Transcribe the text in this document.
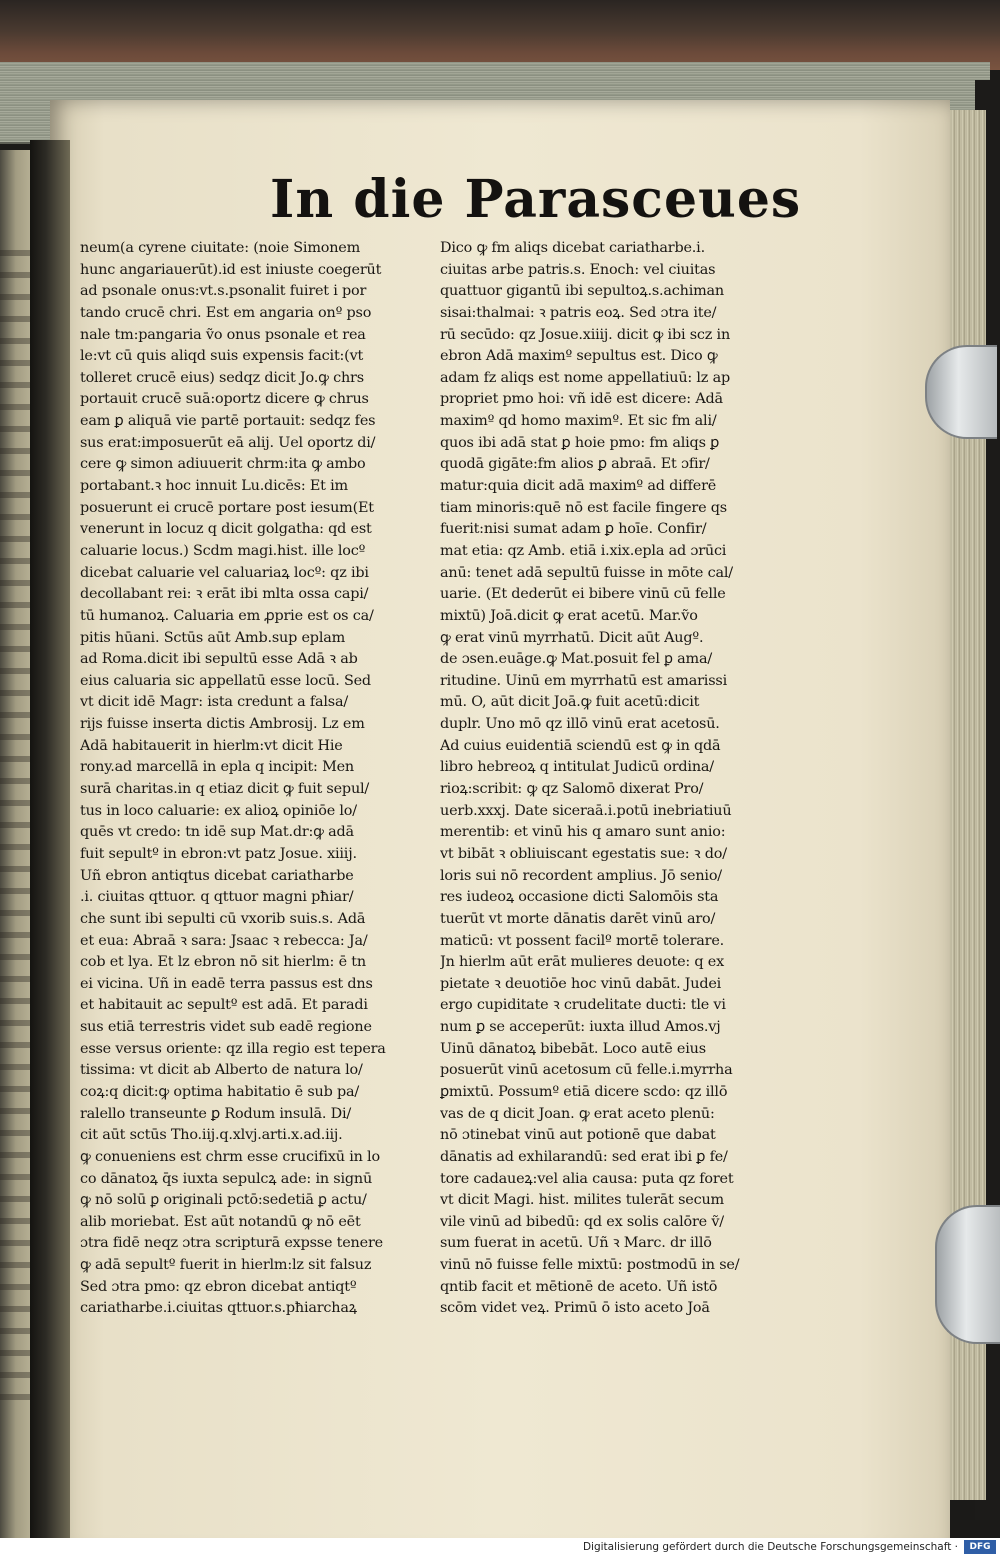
In die Parasceues
neum(a cyrene ciuitate: (noie Simonem
hunc angariauerūt).id est iniuste coegerūt
ad psonale onus:vt.s.psonalit fuiret i por
tando crucē chri. Est em angaria onº pso
nale tm:pangaria ṽo onus psonale et rea
le:vt cū quis aliqd suis expensis facit:(vt
tolleret crucē eius) sedqz dicit Jo.ꝙ chrs
portauit crucē suā:oportz dicere ꝙ chrus
eam ꝑ aliquā vie partē portauit: sedqz fes
sus erat:imposuerūt eā alij. Uel oportz di/
cere ꝙ simon adiuuerit chrm:ita ꝙ ambo
portabant.ꝛ hoc innuit Lu.dicēs: Et im
posuerunt ei crucē portare post iesum(Et
venerunt in locuz q dicit golgatha: qd est
caluarie locus.) Scdm magi.hist. ille locº
dicebat caluarie vel caluariaꝝ locº: qz ibi
decollabant rei: ꝛ erāt ibi mlta ossa capi/
tū humanoꝝ. Caluaria em ꝓprie est os ca/
pitis hūani. Sctūs aūt Amb.sup eplam
ad Roma.dicit ibi sepultū esse Adā ꝛ ab
eius caluaria sic appellatū esse locū. Sed
vt dicit idē Magr: ista credunt a falsa/
rijs fuisse inserta dictis Ambrosij. Lz em
Adā habitauerit in hierlm:vt dicit Hie
rony.ad marcellā in epla q incipit: Men
surā charitas.in q etiaz dicit ꝙ fuit sepul/
tus in loco caluarie: ex alioꝝ opiniōe lo/
quēs vt credo: tn idē sup Mat.dr:ꝙ adā
fuit sepultº in ebron:vt patz Josue. xiiij.
Uñ ebron antiqtus dicebat cariatharbe
.i. ciuitas qttuor. q qttuor magni pħiar/
che sunt ibi sepulti cū vxorib suis.s. Adā
et eua: Abraā ꝛ sara: Jsaac ꝛ rebecca: Ja/
cob et lya. Et lz ebron nō sit hierlm: ē tn
ei vicina. Uñ in eadē terra passus est dns
et habitauit ac sepultº est adā. Et paradi
sus etiā terrestris videt sub eadē regione
esse versus oriente: qz illa regio est tepera
tissima: vt dicit ab Alberto de natura lo/
coꝝ:q dicit:ꝙ optima habitatio ē sub pa/
ralello transeunte ꝑ Rodum insulā. Di/
cit aūt sctūs Tho.iij.q.xlvj.arti.x.ad.iij.
ꝙ conueniens est chrm esse crucifixū in lo
co dānatoꝝ q̄s iuxta sepulcꝝ ade: in signū
ꝙ nō solū ꝑ originali pctō:sedetiā ꝑ actu/
alib moriebat. Est aūt notandū ꝙ nō eēt
ɔtra fidē neqz ɔtra scripturā expsse tenere
ꝙ adā sepultº fuerit in hierlm:lz sit falsuz
Sed ɔtra pmo: qz ebron dicebat antiqtº
cariatharbe.i.ciuitas qttuor.s.pħiarchaꝝ
Dico ꝙ fm aliqs dicebat cariatharbe.i.
ciuitas arbe patris.s. Enoch: vel ciuitas
quattuor gigantū ibi sepultoꝝ.s.achiman
sisai:thalmai: ꝛ patris eoꝝ. Sed ɔtra ite/
rū secūdo: qz Josue.xiiij. dicit ꝙ ibi scz in
ebron Adā maximº sepultus est. Dico ꝙ
adam fz aliqs est nome appellatiuū: lz ap
propriet pmo hoi: vñ idē est dicere: Adā
maximº qd homo maximº. Et sic fm ali/
quos ibi adā stat ꝑ hoie pmo: fm aliqs ꝑ
quodā gigāte:fm alios ꝑ abraā. Et ɔfir/
matur:quia dicit adā maximº ad differē
tiam minoris:quē nō est facile fingere qs
fuerit:nisi sumat adam ꝑ hoīe. Confir/
mat etia: qz Amb. etiā i.xix.epla ad ɔrūci
anū: tenet adā sepultū fuisse in mōte cal/
uarie. (Et dederūt ei bibere vinū cū felle
mixtū) Joā.dicit ꝙ erat acetū. Mar.ṽo
ꝙ erat vinū myrrhatū. Dicit aūt Augº.
de ɔsen.euāge.ꝙ Mat.posuit fel ꝑ ama/
ritudine. Uinū em myrrhatū est amarissi
mū. O, aūt dicit Joā.ꝙ fuit acetū:dicit
duplr. Uno mō qz illō vinū erat acetosū.
Ad cuius euidentiā sciendū est ꝙ in qdā
libro hebreoꝝ q intitulat Judicū ordina/
rioꝝ:scribit: ꝙ qz Salomō dixerat Pro/
uerb.xxxj. Date siceraā.i.potū inebriatiuū
merentib: et vinū his q amaro sunt anio:
vt bibāt ꝛ obliuiscant egestatis sue: ꝛ do/
loris sui nō recordent amplius. Jō senio/
res iudeoꝝ occasione dicti Salomōis sta
tuerūt vt morte dānatis darēt vinū aro/
maticū: vt possent facilº mortē tolerare.
Jn hierlm aūt erāt mulieres deuote: q ex
pietate ꝛ deuotiōe hoc vinū dabāt. Judei
ergo cupiditate ꝛ crudelitate ducti: tle vi
num ꝑ se acceperūt: iuxta illud Amos.vj
Uinū dānatoꝝ bibebāt. Loco autē eius
posuerūt vinū acetosum cū felle.i.myrrha
ꝑmixtū. Possumº etiā dicere scdo: qz illō
vas de q dicit Joan. ꝙ erat aceto plenū:
nō ɔtinebat vinū aut potionē que dabat
dānatis ad exhilarandū: sed erat ibi ꝑ fe/
tore cadaueꝝ:vel alia causa: puta qz foret
vt dicit Magi. hist. milites tulerāt secum
vile vinū ad bibedū: qd ex solis calōre ṽ/
sum fuerat in acetū. Uñ ꝛ Marc. dr illō
vinū nō fuisse felle mixtū: postmodū in se/
qntib facit et mētionē de aceto. Uñ istō
scōm videt veꝝ. Primū ō isto aceto Joā
Digitalisierung gefördert durch die Deutsche Forschungsgemeinschaft ·	DFG
